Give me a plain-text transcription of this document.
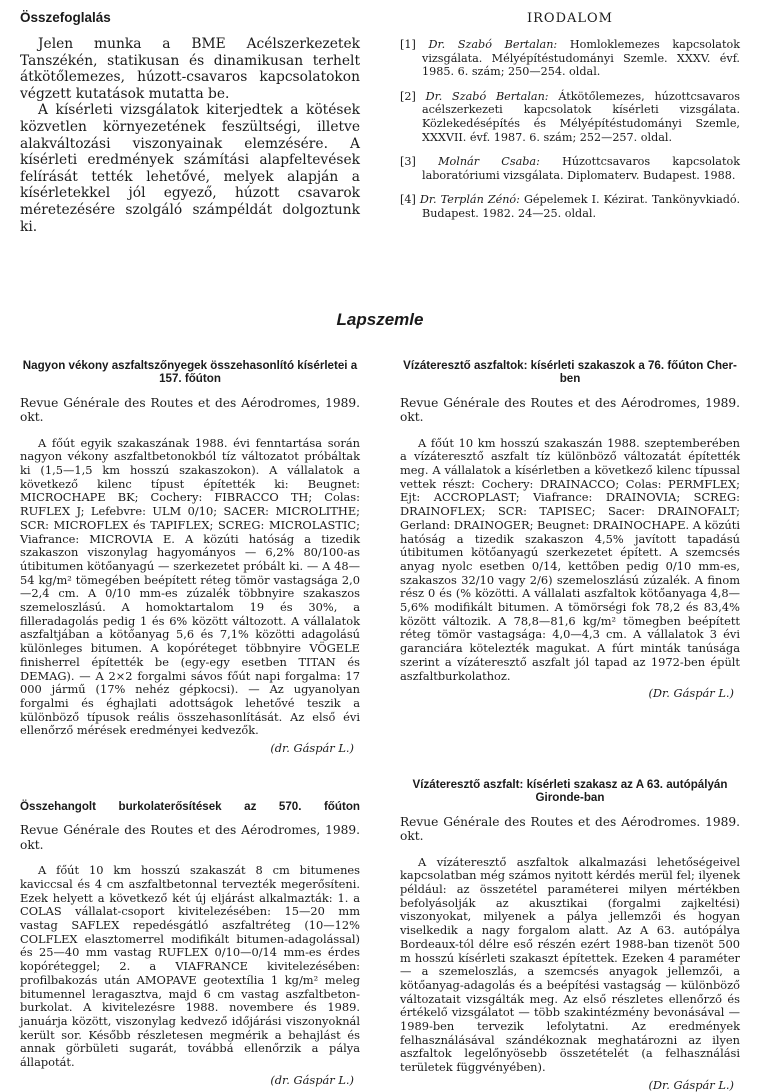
Összefoglalás

Jelen munka a BME Acélszerkezetek Tanszékén, statikusan és dinamikusan terhelt átkötőlemezes, húzott-csavaros kapcsolatokon végzett kutatások mutatta be.

A kísérleti vizsgálatok kiterjedtek a kötések közvetlen környezetének feszültségi, illetve alakváltozási viszonyainak elemzésére. A kísérleti eredmények számítási alapfeltevések felírását tették lehetővé, melyek alapján a kísérletekkel jól egyező, húzott csavarok méretezésére szolgáló számpéldát dolgoztunk ki.

IRODALOM
[1] Dr. Szabó Bertalan: Homloklemezes kapcsolatok vizsgálata. Mélyépítéstudományi Szemle. XXXV. évf. 1985. 6. szám; 250—254. oldal.
[2] Dr. Szabó Bertalan: Átkötőlemezes, húzottcsavaros acélszerkezeti kapcsolatok kísérleti vizsgálata. Közlekedésépítés és Mélyépítéstudományi Szemle, XXXVII. évf. 1987. 6. szám; 252—257. oldal.
[3] Molnár Csaba: Húzottcsavaros kapcsolatok laboratóriumi vizsgálata. Diplomaterv. Budapest. 1988.
[4] Dr. Terplán Zénó: Gépelemek I. Kézirat. Tankönyvkiadó. Budapest. 1982. 24—25. oldal.
Lapszemle
Nagyon vékony aszfaltszőnyegek összehasonlító kísérletei a 157. főúton
Revue Générale des Routes et des Aérodromes, 1989. okt.
A főút egyik szakaszának 1988. évi fenntartása során nagyon vékony aszfaltbetonokból tíz változatot próbáltak ki (1,5—1,5 km hosszú szakaszokon). A vállalatok a következő kilenc típust építették ki: Beugnet: MICROCHAPE BK; Cochery: FIBRACCO TH; Colas: RUFLEX J; Lefebvre: ULM 0/10; SACER: MICROLITHE; SCR: MICROFLEX és TAPIFLEX; SCREG: MICROLASTIC; Viafrance: MICROVIA E. A közúti hatóság a tizedik szakaszon viszonylag hagyományos — 6,2% 80/100-as útibitumen kötőanyagú — szerkezetet próbált ki. — A 48—54 kg/m² tömegében beépített réteg tömör vastagsága 2,0—2,4 cm. A 0/10 mm-es zúzalék többnyire szakaszos szemeloszlású. A homoktartalom 19 és 30%, a filleradagolás pedig 1 és 6% között változott. A vállalatok aszfaltjában a kötőanyag 5,6 és 7,1% közötti adagolású különleges bitumen. A kopóréteget többnyire VÖGELE finisherrel építették be (egy-egy esetben TITAN és DEMAG). — A 2×2 forgalmi sávos főút napi forgalma: 17 000 jármű (17% nehéz gépkocsi). — Az ugyanolyan forgalmi és éghajlati adottságok lehetővé teszik a különböző típusok reális összehasonlítását. Az első évi ellenőrző mérések eredményei kedvezők.
(dr. Gáspár L.)
Összehangolt burkolaterősítések az 570. főúton
Revue Générale des Routes et des Aérodromes, 1989. okt.
A főút 10 km hosszú szakaszát 8 cm bitumenes kaviccsal és 4 cm aszfaltbetonnal tervezték megerősíteni. Ezek helyett a következő két új eljárást alkalmazták: 1. a COLAS vállalat-csoport kivitelezésében: 15—20 mm vastag SAFLEX repedésgátló aszfaltréteg (10—12% COLFLEX elasztomerrel modifikált bitumen-adagolással) és 25—40 mm vastag RUFLEX 0/10—0/14 mm-es érdes kopóréteggel; 2. a VIAFRANCE kivitelezésében: profilbakozás után AMOPAVE geotextília 1 kg/m² meleg bitumennel leragasztva, majd 6 cm vastag aszfaltbeton-burkolat. A kivitelezésre 1988. novembere és 1989. januárja között, viszonylag kedvező időjárási viszonyoknál került sor. Később részletesen megmérik a behajlást és annak görbületi sugarát, továbbá ellenőrzik a pálya állapotát.
(dr. Gáspár L.)
Vízáteresztő aszfaltok: kísérleti szakaszok a 76. főúton Cher-ben
Revue Générale des Routes et des Aérodromes, 1989. okt.
A főút 10 km hosszú szakaszán 1988. szeptemberében a vízáteresztő aszfalt tíz különböző változatát építették meg. A vállalatok a kísérletben a következő kilenc típussal vettek részt: Cochery: DRAINACCO; Colas: PERMFLEX; Ejt: ACCROPLAST; Viafrance: DRAINOVIA; SCREG: DRAINOFLEX; SCR: TAPISEC; Sacer: DRAINOFALT; Gerland: DRAINOGER; Beugnet: DRAINOCHAPE. A közúti hatóság a tizedik szakaszon 4,5% javított tapadású útibitumen kötőanyagú szerkezetet épített. A szemcsés anyag nyolc esetben 0/14, kettőben pedig 0/10 mm-es, szakaszos 32/10 vagy 2/6) szemeloszlású zúzalék. A finom rész 0 és (% közötti. A vállalati aszfaltok kötőanyaga 4,8—5,6% modifikált bitumen. A tömörségi fok 78,2 és 83,4% között változik. A 78,8—81,6 kg/m² tömegben beépített réteg tömör vastagsága: 4,0—4,3 cm. A vállalatok 3 évi garanciára kötelezték magukat. A fúrt minták tanúsága szerint a vízáteresztő aszfalt jól tapad az 1972-ben épült aszfaltburkolathoz.
(Dr. Gáspár L.)
Vízáteresztő aszfalt: kísérleti szakasz az A 63. autópályán Gironde-ban
Revue Générale des Routes et des Aérodromes. 1989. okt.
A vízáteresztő aszfaltok alkalmazási lehetőségeivel kapcsolatban még számos nyitott kérdés merül fel; ilyenek például: az összetétel paraméterei milyen mértékben befolyásolják az akusztikai (forgalmi zajkeltési) viszonyokat, milyenek a pálya jellemzői és hogyan viselkedik a nagy forgalom alatt. Az A 63. autópálya Bordeaux-tól délre eső részén ezért 1988-ban tizenöt 500 m hosszú kísérleti szakaszt építettek. Ezeken 4 paraméter — a szemeloszlás, a szemcsés anyagok jellemzői, a kötőanyag-adagolás és a beépítési vastagság — különböző változatait vizsgálták meg. Az első részletes ellenőrző és értékelő vizsgálatot — több szakintézmény bevonásával — 1989-ben tervezik lefolytatni. Az eredmények felhasználásával szándékoznak meghatározni az ilyen aszfaltok legelőnyösebb összetételét (a felhasználási területek függvényében).
(Dr. Gáspár L.)
